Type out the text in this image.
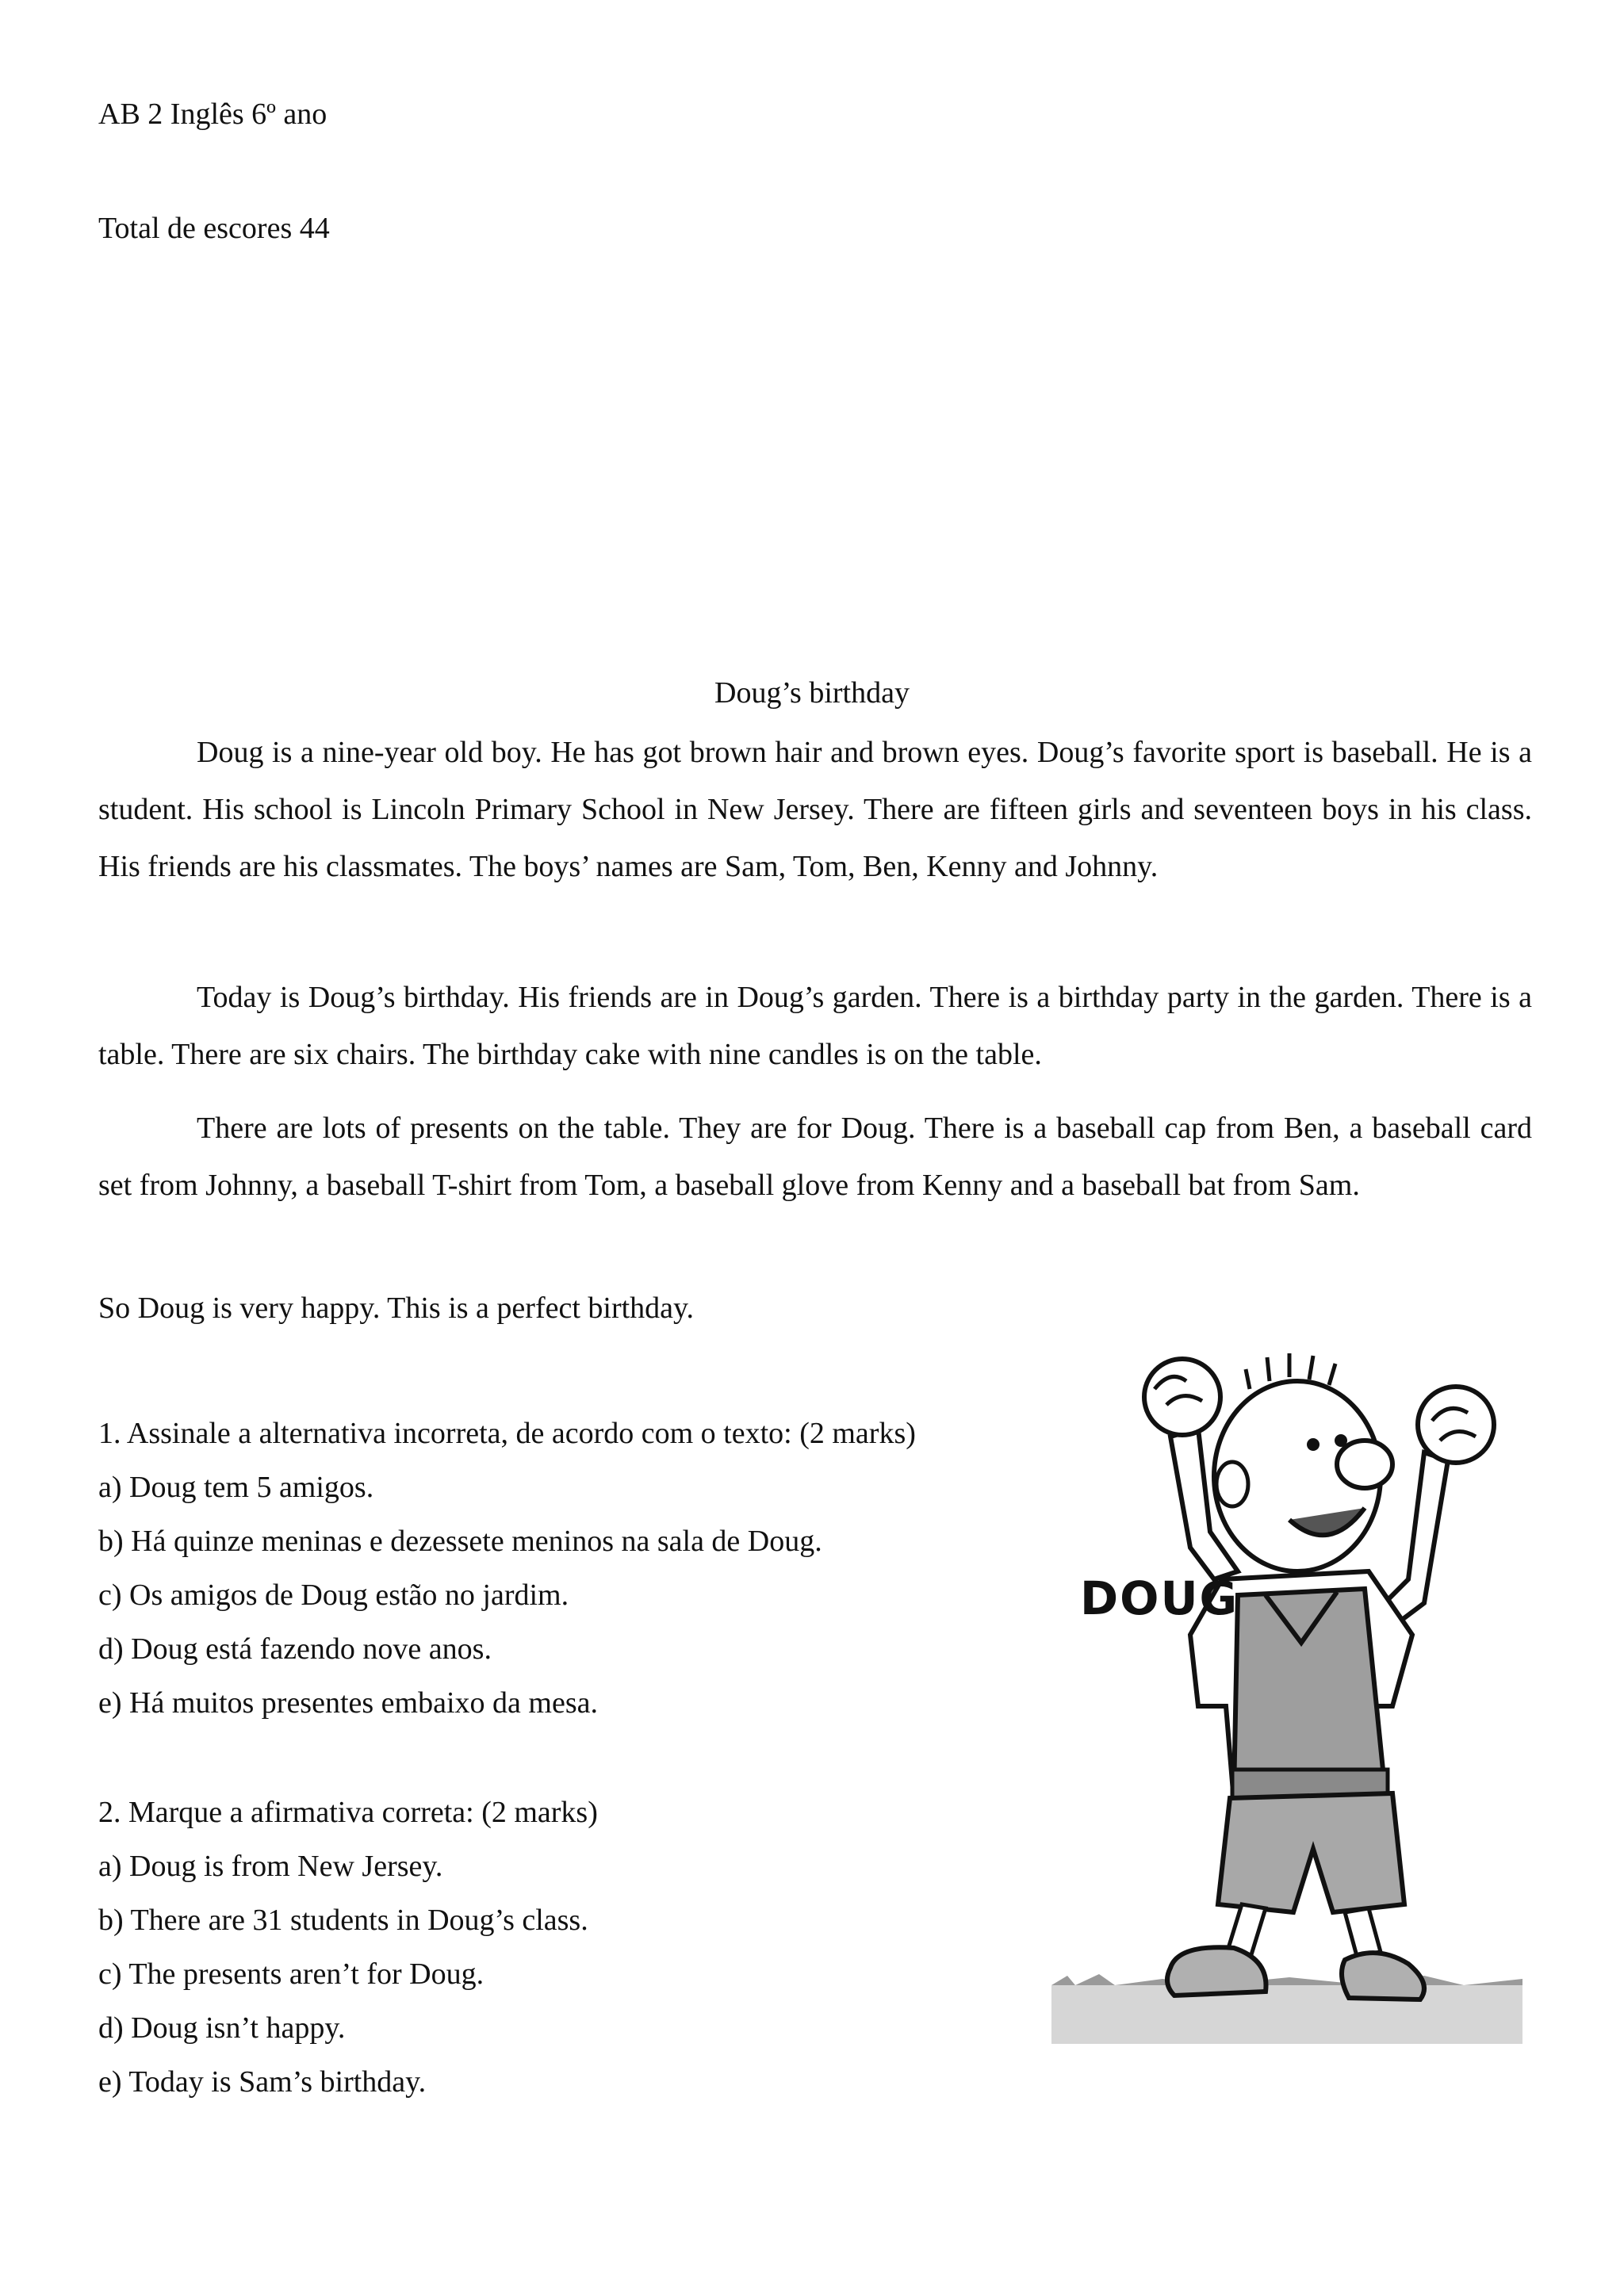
AB 2 Inglês 6º ano
Total de escores 44
Doug’s birthday
Doug is a nine-year old boy. He has got brown hair and brown eyes. Doug’s favorite sport is baseball. He is a student. His school is Lincoln Primary School in New Jersey. There are fifteen girls and seventeen boys in his class. His friends are his classmates. The boys’ names are Sam, Tom, Ben, Kenny and Johnny.
Today is Doug’s birthday. His friends are in Doug’s garden. There is a birthday party in the garden. There is a table. There are six chairs. The birthday cake with nine candles is on the table.
There are lots of presents on the table. They are for Doug. There is a baseball cap from Ben, a baseball card set from Johnny, a baseball T-shirt from Tom, a baseball glove from Kenny and a baseball bat from Sam.
So Doug is very happy. This is a perfect birthday.
DOUG
1. Assinale a alternativa incorreta, de acordo com o texto: (2 marks)
a) Doug tem 5 amigos.
b) Há quinze meninas e dezessete meninos na sala de Doug.
c) Os amigos de Doug estão no jardim.
d) Doug está fazendo nove anos.
e) Há muitos presentes embaixo da mesa.
2. Marque a afirmativa correta: (2 marks)
a) Doug is from New Jersey.
b) There are 31 students in Doug’s class.
c) The presents aren’t for Doug.
d) Doug isn’t happy.
e) Today is Sam’s birthday.
